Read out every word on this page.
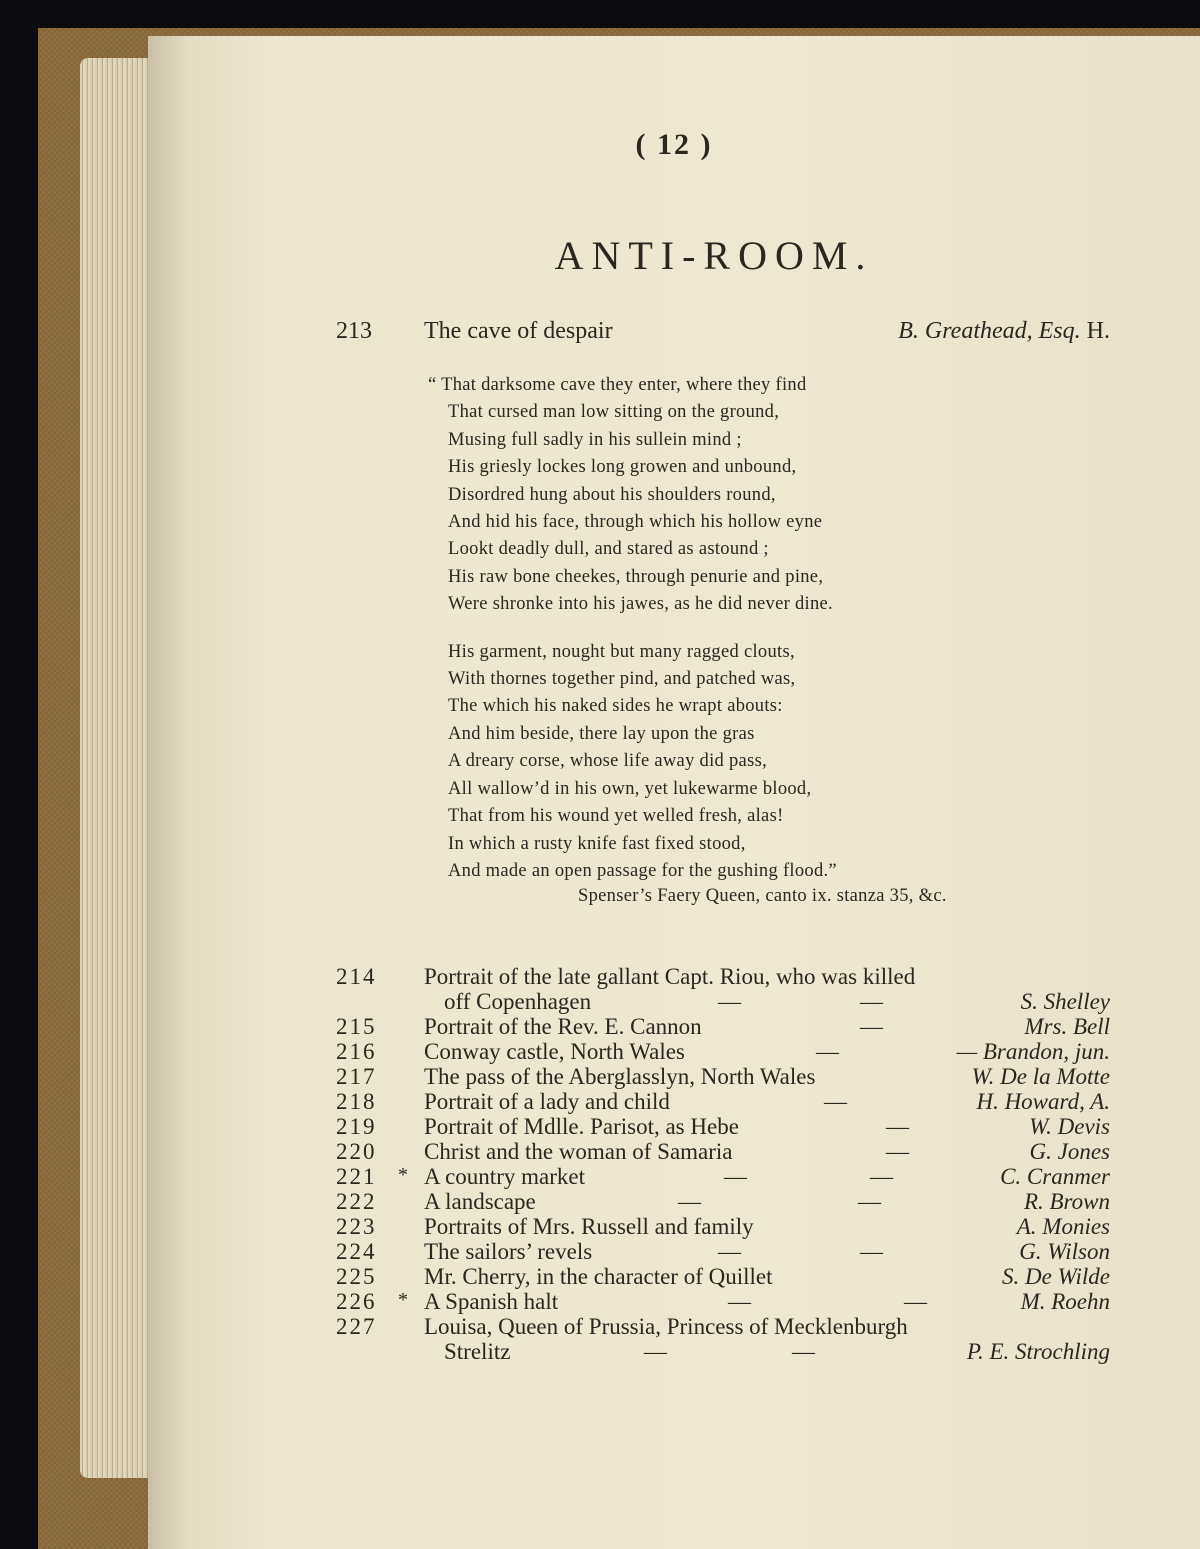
( 12 )
ANTI-ROOM.
213 The cave of despair	B. Greathead, Esq. H.
“ That darksome cave they enter, where they find
That cursed man low sitting on the ground,
Musing full sadly in his sullein mind ;
His griesly lockes long growen and unbound,
Disordred hung about his shoulders round,
And hid his face, through which his hollow eyne
Lookt deadly dull, and stared as astound ;
His raw bone cheekes, through penurie and pine,
Were shronke into his jawes, as he did never dine.
His garment, nought but many ragged clouts,
With thornes together pind, and patched was,
The which his naked sides he wrapt abouts:
And him beside, there lay upon the gras
A dreary corse, whose life away did pass,
All wallow’d in his own, yet lukewarme blood,
That from his wound yet welled fresh, alas!
In which a rusty knife fast fixed stood,
And made an open passage for the gushing flood.”
Spenser’s Faery Queen, canto ix. stanza 35, &c.
214	Portrait of the late gallant Capt. Riou, who was killed
off Copenhagen	—	—	S. Shelley
215	Portrait of the Rev. E. Cannon	—	Mrs. Bell
216	Conway castle, North Wales	—	— Brandon, jun.
217	The pass of the Aberglasslyn, North Wales	W. De la Motte
218	Portrait of a lady and child	—	H. Howard, A.
219	Portrait of Mdlle. Parisot, as Hebe	—	W. Devis
220	Christ and the woman of Samaria	—	G. Jones
221	* A country market	—	—	C. Cranmer
222	A landscape	—	—	R. Brown
223	Portraits of Mrs. Russell and family	A. Monies
224	The sailors’ revels	—	—	G. Wilson
225	Mr. Cherry, in the character of Quillet	S. De Wilde
226	* A Spanish halt	—	—	M. Roehn
227	Louisa, Queen of Prussia, Princess of Mecklenburgh
Strelitz	—	—	P. E. Strochling
